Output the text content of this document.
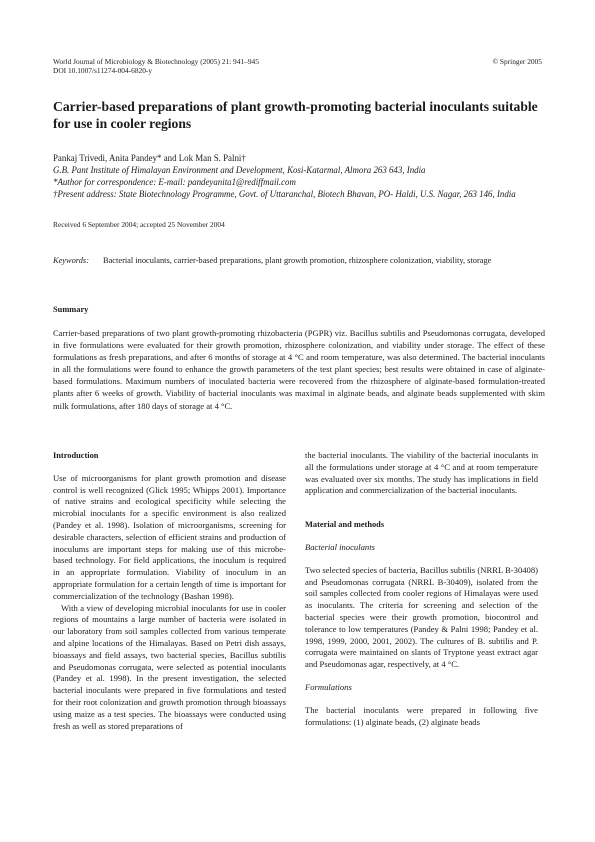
World Journal of Microbiology & Biotechnology (2005) 21: 941–945
DOI 10.1007/s11274-004-6820-y
© Springer 2005
Carrier-based preparations of plant growth-promoting bacterial inoculants suitable for use in cooler regions
Pankaj Trivedi, Anita Pandey* and Lok Man S. Palni†
G.B. Pant Institute of Himalayan Environment and Development, Kosi-Katarmal, Almora 263 643, India
*Author for correspondence: E-mail: pandeyanita1@rediffmail.com
†Present address: State Biotechnology Programme, Govt. of Uttaranchal, Biotech Bhavan, PO- Haldi, U.S. Nagar, 263 146, India
Received 6 September 2004; accepted 25 November 2004
Keywords: Bacterial inoculants, carrier-based preparations, plant growth promotion, rhizosphere colonization, viability, storage
Summary
Carrier-based preparations of two plant growth-promoting rhizobacteria (PGPR) viz. Bacillus subtilis and Pseudomonas corrugata, developed in five formulations were evaluated for their growth promotion, rhizosphere colonization, and viability under storage. The effect of these formulations as fresh preparations, and after 6 months of storage at 4 °C and room temperature, was also determined. The bacterial inoculants in all the formulations were found to enhance the growth parameters of the test plant species; best results were obtained in case of alginate-based formulations. Maximum numbers of inoculated bacteria were recovered from the rhizosphere of alginate-based formulation-treated plants after 6 weeks of growth. Viability of bacterial inoculants was maximal in alginate beads, and alginate beads supplemented with skim milk formulations, after 180 days of storage at 4 °C.
Introduction

Use of microorganisms for plant growth promotion and disease control is well recognized (Glick 1995; Whipps 2001). Importance of native strains and ecological specificity while selecting the microbial inoculants for a specific environment is also realized (Pandey et al. 1998). Isolation of microorganisms, screening for desirable characters, selection of efficient strains and production of inoculums are important steps for making use of this microbe-based technology. For field applications, the inoculum is required in an appropriate formulation. Viability of inoculum in an appropriate formulation for a certain length of time is important for commercialization of the technology (Bashan 1998).

With a view of developing microbial inoculants for use in cooler regions of mountains a large number of bacteria were isolated in our laboratory from soil samples collected from various temperate and alpine locations of the Himalayas. Based on Petri dish assays, bioassays and field assays, two bacterial species, Bacillus subtilis and Pseudomonas corrugata, were selected as potential inoculants (Pandey et al. 1998). In the present investigation, the selected bacterial inoculants were prepared in five formulations and tested for their root colonization and growth promotion through bioassays using maize as a test species. The bioassays were conducted using fresh as well as stored preparations of

the bacterial inoculants. The viability of the bacterial inoculants in all the formulations under storage at 4 °C and at room temperature was evaluated over six months. The study has implications in field application and commercialization of the bacterial inoculants.

Material and methods
Bacterial inoculants

Two selected species of bacteria, Bacillus subtilis (NRRL B-30408) and Pseudomonas corrugata (NRRL B-30409), isolated from the soil samples collected from cooler regions of Himalayas were used as inoculants. The criteria for screening and selection of the bacterial species were their growth promotion, biocontrol and tolerance to low temperatures (Pandey & Palni 1998; Pandey et al. 1998, 1999, 2000, 2001, 2002). The cultures of B. subtilis and P. corrugata were maintained on slants of Tryptone yeast extract agar and Pseudomonas agar, respectively, at 4 °C.

Formulations

The bacterial inoculants were prepared in following five formulations: (1) alginate beads, (2) alginate beads
